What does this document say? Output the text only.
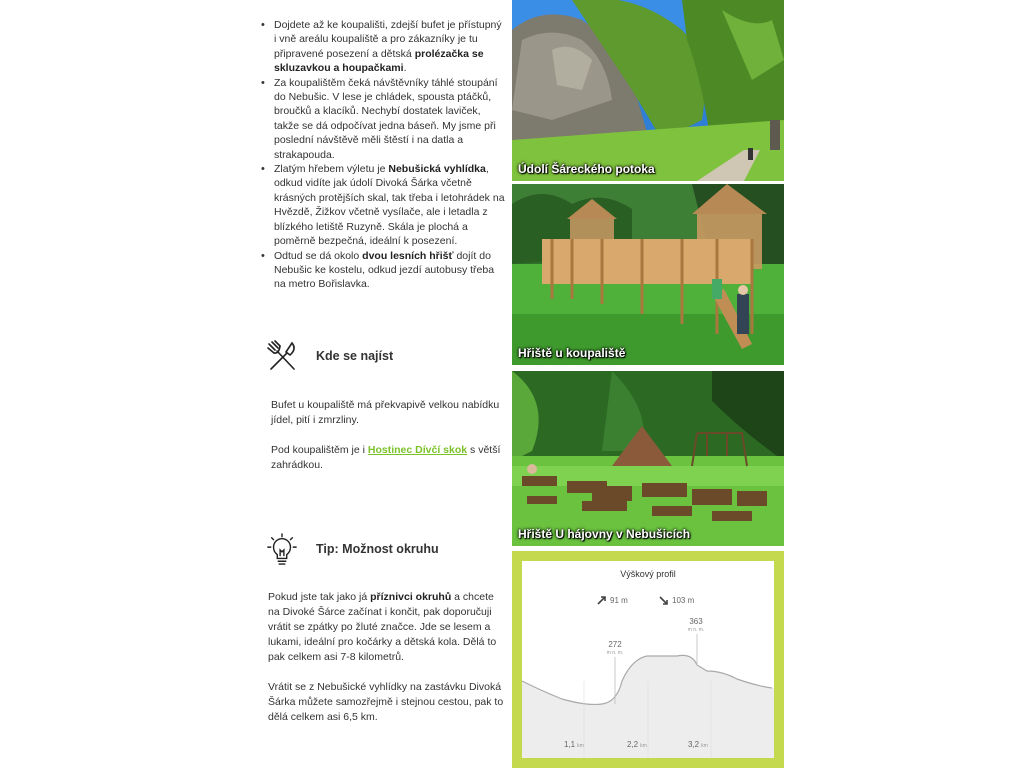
• Dojdete až ke koupališti, zdejší bufet je přístupný i vně areálu koupaliště a pro zákazníky je tu připravené posezení a dětská prolézačka se skluzavkou a houpačkami.
• Za koupalištěm čeká návštěvníky táhlé stoupání do Nebušic. V lese je chládek, spousta ptáčků, broučků a klacíků. Nechybí dostatek laviček, takže se dá odpočívat jedna báseň. My jsme při poslední návštěvě měli štěstí i na datla a strakapouda.
• Zlatým hřebem výletu je Nebušická vyhlídka, odkud vidíte jak údolí Divoká Šárka včetně krásných protějších skal, tak třeba i letohrádek na Hvězdě, Žižkov včetně vysílače, ale i letadla z blízkého letiště Ruzyně. Skála je plochá a poměrně bezpečná, ideální k posezení.
• Odtud se dá okolo dvou lesních hřišť dojít do Nebušic ke kostelu, odkud jezdí autobusy třeba na metro Bořislavka.
Kde se najíst

Bufet u koupaliště má překvapivě velkou nabídku jídel, pití i zmrzliny.

Pod koupalištěm je i Hostinec Dívčí skok s větší zahrádkou.

Tip: Možnost okruhu

Pokud jste tak jako já příznivci okruhů a chcete na Divoké Šárce začínat i končit, pak doporučuji vrátit se zpátky po žluté značce. Jde se lesem a lukami, ideální pro kočárky a dětská kola. Dělá to pak celkem asi 7-8 kilometrů.

Vrátit se z Nebušické vyhlídky na zastávku Divoká Šárka můžete samozřejmě i stejnou cestou, pak to dělá celkem asi 6,5 km.

Údolí Šáreckého potoka
Hřiště u koupaliště
Hřiště U hájovny v Nebušicích
Výškový profil
91 m	103 m
272
m n. m.
363
m n. m.
1,1 km	2,2 km	3,2 km
